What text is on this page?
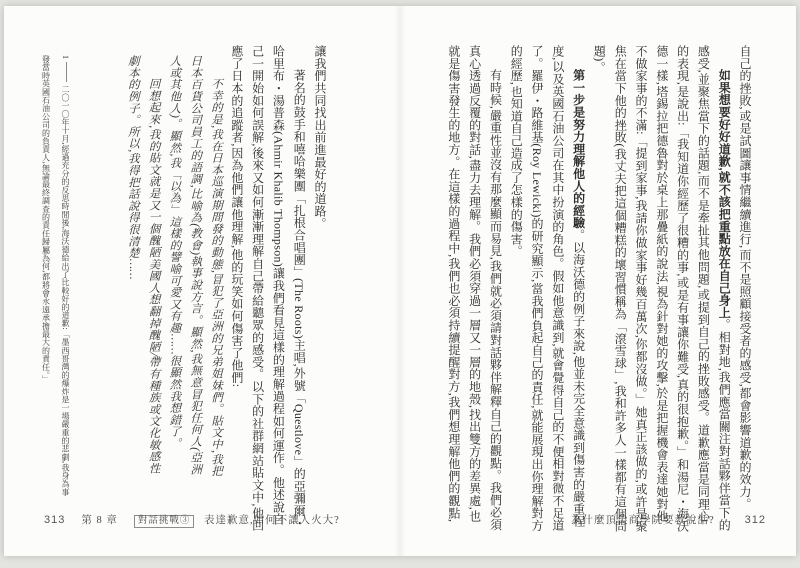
自己的挫敗,或是試圖讓事情繼續進行,而不是照顧接受者的感受,都會影響道歉的效力。

如果想要好好道歉,就不該把重點放在自己身上。相對地,我們應當關注對話夥伴當下的感受,並聚焦當下的話題,而不是牽扯其他問題,或提到自己的挫敗感受。道歉應當是同理心的表現,是說出:「我知道你經歷了很糟的事,或是有事讓你難受,真的很抱歉。」和湯尼・海沃德一樣,塔錫拉把德魯對於桌上那疊紙的說法,視為針對她的攻擊,於是把握機會表達她對他不做家事的不滿:「提到家事,我請你做家事好幾百萬次,你都沒做。」她真正該做的,或許是聚焦在當下他的挫敗(我丈夫把這個糟糕的壞習慣稱為「滾雪球」,我和許多人一樣都有這個問題)。

第一步是努力理解他人的經驗。以海沃德的例子來說,他並未完全意識到傷害的嚴重程度,以及英國石油公司在其中扮演的角色。假如他意識到,就會覺得自己的不便相對微不足道了。羅伊・路維基(Roy Lewicki)的研究顯示,當我們負起自己的責任,就能展現出你理解對方的經歷,也知道自己造成了怎樣的傷害。

有時候,嚴重性並沒有那麼顯而易見,我們就必須請對話夥伴解釋自己的觀點。我們必須真心透過反覆的對話,盡力去理解。我們必須穿過一層又一層的地殼,找出雙方的差異處,也就是傷害發生的地方。在這樣的過程中,我們也必須持續提醒對方,我們想理解他們的觀點,	為什麼頂尖商學院要教說話?	312

讓我們共同找出前進最好的道路。

著名的鼓手和嘻哈樂團「扎根合唱團」(The Roots)主唱,外號「Questlove」的亞彌爾・哈里布・湯普森(Ahmir Khalib Thompson)讓我們看見這樣的理解過程如何運作。他述說自己一開始如何誤解,後來又如何漸漸理解自己帶給聽眾的感受。以下的社群網站貼文中,他回應了日本的追蹤者,因為他們讓他理解,他的玩笑如何傷害了他們:

不幸的是,我在日本巡演期間發的動態,冒犯了亞洲的兄弟姐妹們。貼文中,我把日本百貨公司員工的語調,比喻為(教會)執事說方言。顯然,我無意冒犯任何人(亞洲人或其他人)。顯然,我「以為」這樣的譬喻可愛又有趣……很顯然我想錯了。

回想起來,我的貼文就是又一個醜陋美國人想翻掉醜陋/帶有種族或文化敏感性劇本的例子。所以,我得把話說得很清楚……

1二〇一〇年十月,經過充分的反思時間後,海沃德給出了比較好的道歉:「墨西哥灣的爆炸是一場嚴重的悲劇,我身為事發當時英國石油公司的負責人,無論最終調查的責任歸屬為何,都將會永遠承擔最大的責任。」
313 第 8 章	對話挑戰③ 表達歉意,如何不讓人火大?
